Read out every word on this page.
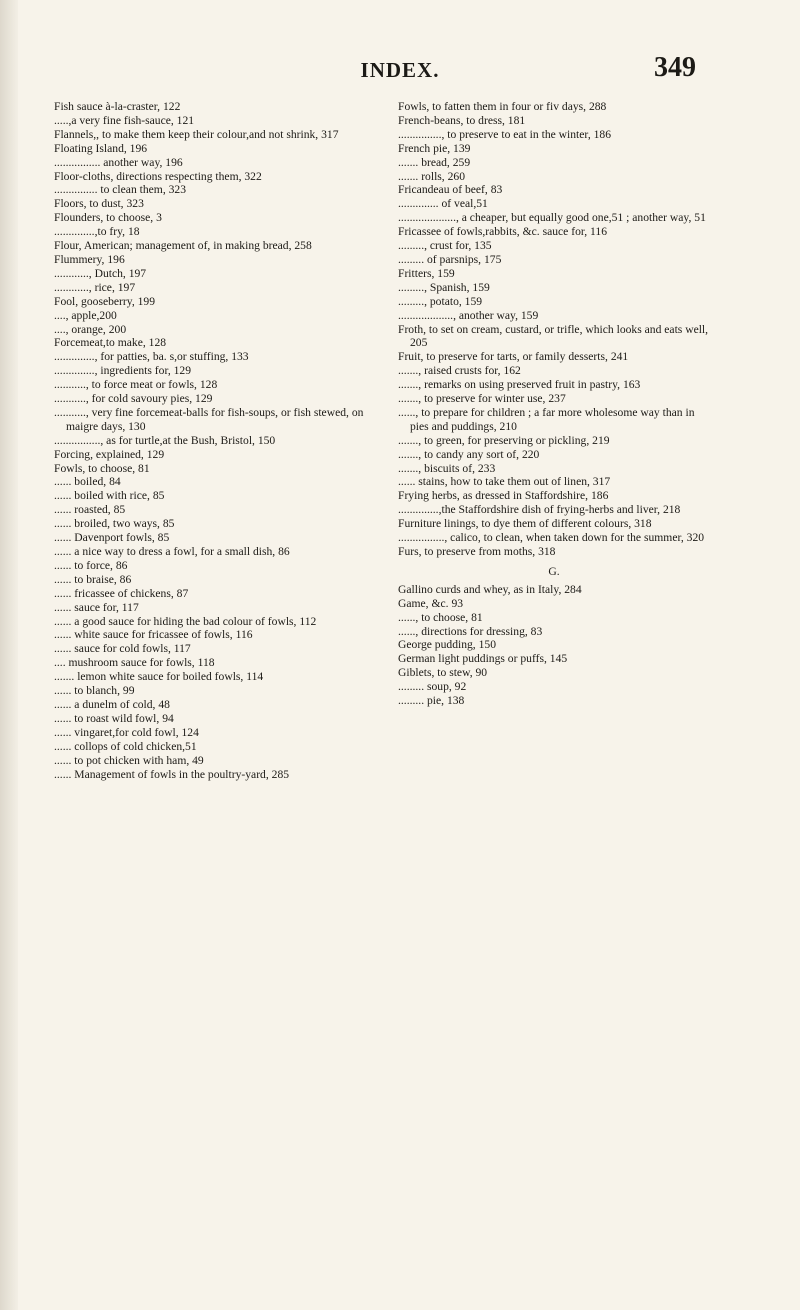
INDEX.	349
Fish sauce à-la-craster, 122
.....,a very fine fish-sauce, 121
Flannels,, to make them keep their colour,and not shrink, 317
Floating Island, 196
................ another way, 196
Floor-cloths, directions respecting them, 322
............... to clean them, 323
Floors, to dust, 323
Flounders, to choose, 3
..............,to fry, 18
Flour, American; management of, in making bread, 258
Flummery, 196
............, Dutch, 197
............, rice, 197
Fool, gooseberry, 199
...., apple,200
...., orange, 200
Forcemeat,to make, 128
.............., for patties, ba. s,or stuffing, 133
.............., ingredients for, 129
..........., to force meat or fowls, 128
..........., for cold savoury pies, 129
..........., very fine forcemeat-balls for fish-soups, or fish stewed, on maigre days, 130
................, as for turtle,at the Bush, Bristol, 150
Forcing, explained, 129
Fowls, to choose, 81
...... boiled, 84
...... boiled with rice, 85
...... roasted, 85
...... broiled, two ways, 85
...... Davenport fowls, 85
...... a nice way to dress a fowl, for a small dish, 86
...... to force, 86
...... to braise, 86
...... fricassee of chickens, 87
...... sauce for, 117
...... a good sauce for hiding the bad colour of fowls, 112
...... white sauce for fricassee of fowls, 116
...... sauce for cold fowls, 117
.... mushroom sauce for fowls, 118
....... lemon white sauce for boiled fowls, 114
...... to blanch, 99
...... a dunelm of cold, 48
...... to roast wild fowl, 94
...... vingaret,for cold fowl, 124
...... collops of cold chicken,51
...... to pot chicken with ham, 49
...... Management of fowls in the poultry-yard, 285
Fowls, to fatten them in four or fiv days, 288
French-beans, to dress, 181
..............., to preserve to eat in the winter, 186
French pie, 139
....... bread, 259
....... rolls, 260
Fricandeau of beef, 83
.............. of veal,51
...................., a cheaper, but equally good one,51 ; another way, 51
Fricassee of fowls,rabbits, &c. sauce for, 116
........., crust for, 135
......... of parsnips, 175
Fritters, 159
........., Spanish, 159
........., potato, 159
..................., another way, 159
Froth, to set on cream, custard, or trifle, which looks and eats well, 205
Fruit, to preserve for tarts, or family desserts, 241
......., raised crusts for, 162
......., remarks on using preserved fruit in pastry, 163
......., to preserve for winter use, 237
......, to prepare for children ; a far more wholesome way than in pies and puddings, 210
......., to green, for preserving or pickling, 219
......., to candy any sort of, 220
......., biscuits of, 233
...... stains, how to take them out of linen, 317
Frying herbs, as dressed in Staffordshire, 186
..............,the Staffordshire dish of frying-herbs and liver, 218
Furniture linings, to dye them of different colours, 318
................, calico, to clean, when taken down for the summer, 320
Furs, to preserve from moths, 318
G.
Gallino curds and whey, as in Italy, 284
Game, &c. 93
......, to choose, 81
......, directions for dressing, 83
George pudding, 150
German light puddings or puffs, 145
Giblets, to stew, 90
......... soup, 92
......... pie, 138
